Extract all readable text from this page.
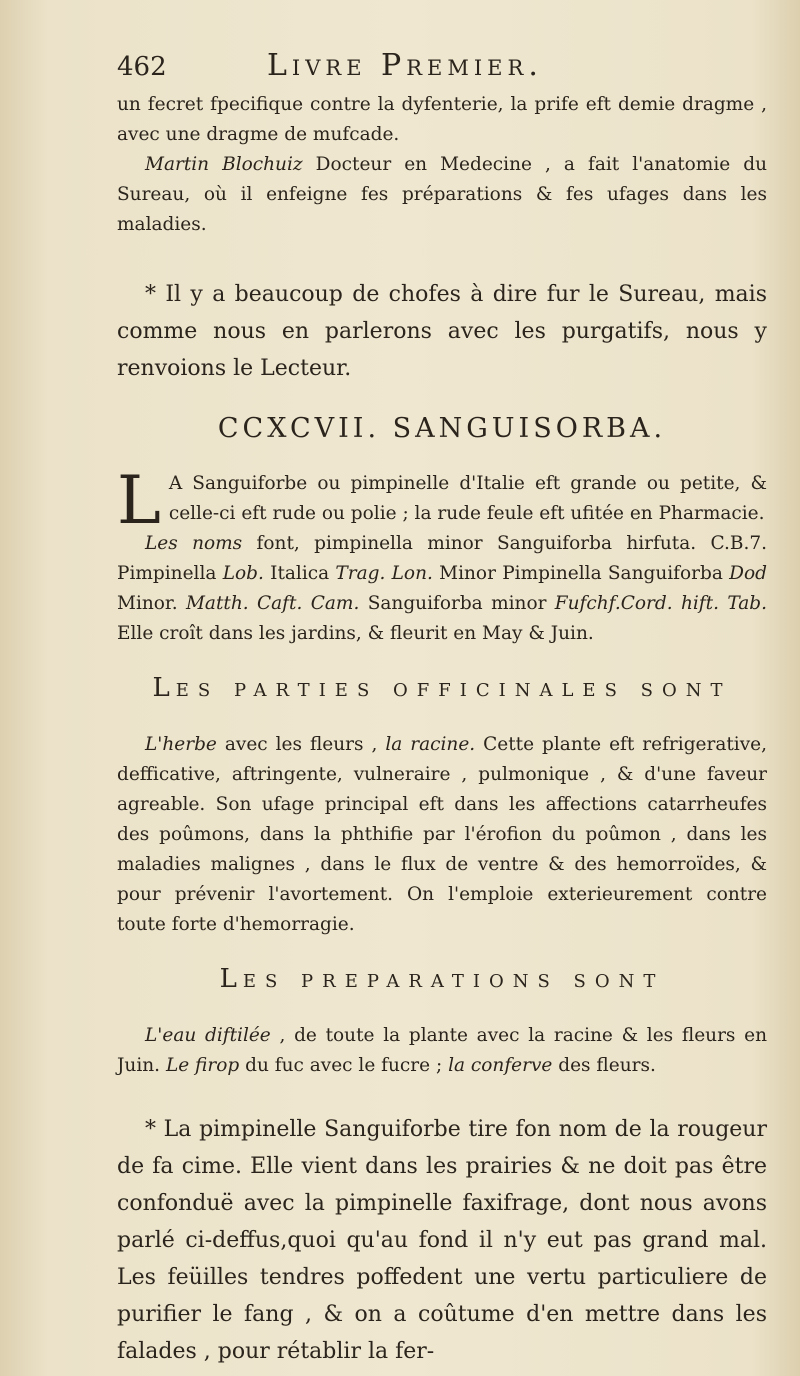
462	Livre Premier.

un fecret fpecifique contre la dyfenterie, la prife eft demie dragme , avec une dragme de mufcade.

Martin Blochuiz Docteur en Medecine , a fait l'anatomie du Sureau, où il enfeigne fes préparations & fes ufages dans les maladies.

* Il y a beaucoup de chofes à dire fur le Sureau, mais comme nous en parlerons avec les purgatifs, nous y renvoions le Lecteur.

CCXCVII. SANGUISORBA.
L A Sanguiforbe ou pimpinelle d'Italie eft grande ou petite, & celle-ci eft rude ou polie ; la rude feule eft ufitée en Pharmacie.

Les noms font, pimpinella minor Sanguiforba hirfuta. C.B.7. Pimpinella Lob. Italica Trag. Lon. Minor Pimpinella Sanguiforba Dod Minor. Matth. Caft. Cam. Sanguiforba minor Fufchf.Cord. hift. Tab. Elle croît dans les jardins, & fleurit en May & Juin.

LES PARTIES OFFICINALES SONT

L'herbe avec les fleurs , la racine. Cette plante eft refrigerative, defficative, aftringente, vulneraire , pulmonique , & d'une faveur agreable. Son ufage principal eft dans les affections catarrheufes des poûmons, dans la phthifie par l'érofion du poûmon , dans les maladies malignes , dans le flux de ventre & des hemorroïdes, & pour prévenir l'avortement. On l'emploie exterieurement contre toute forte d'hemorragie.

LES PREPARATIONS SONT

L'eau diftilée , de toute la plante avec la racine & les fleurs en Juin. Le firop du fuc avec le fucre ; la conferve des fleurs.

* La pimpinelle Sanguiforbe tire fon nom de la rougeur de fa cime. Elle vient dans les prairies & ne doit pas être confonduë avec la pimpinelle faxifrage, dont nous avons parlé ci-deffus,quoi qu'au fond il n'y eut pas grand mal. Les feüilles tendres poffedent une vertu particuliere de purifier le fang , & on a coûtume d'en mettre dans les falades , pour rétablir la fer-
